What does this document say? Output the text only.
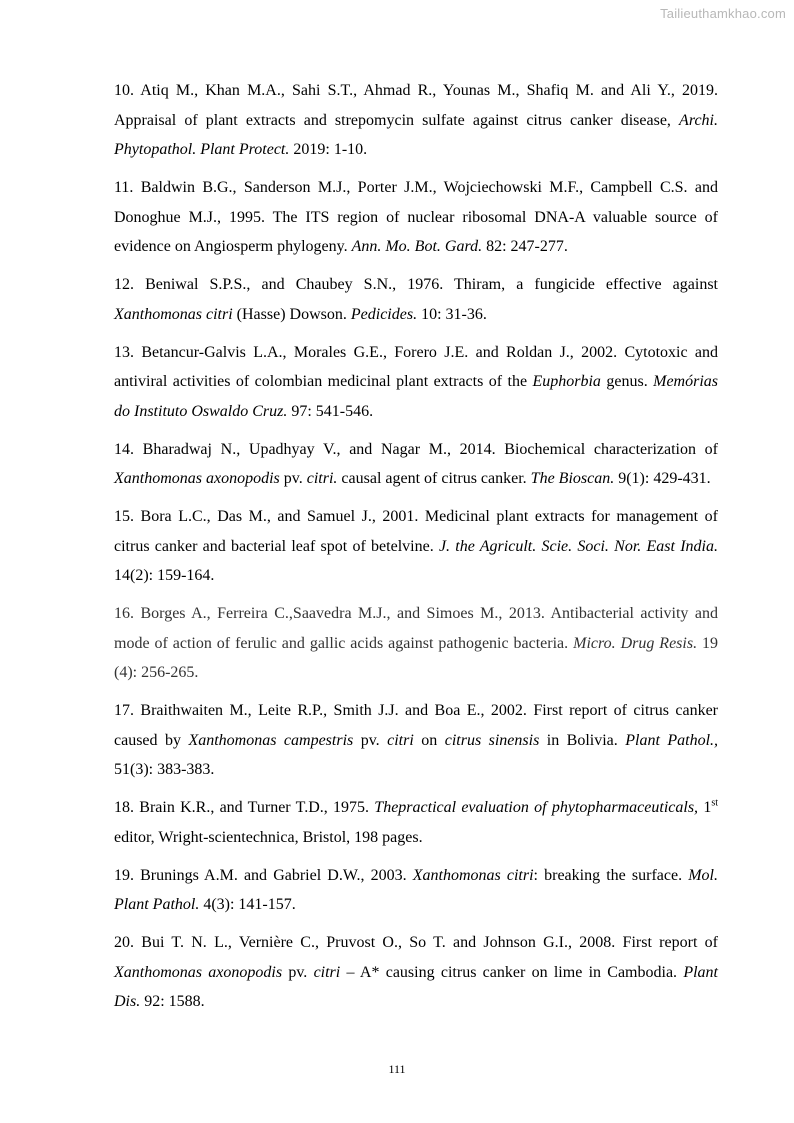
Tailieuthamkhao.com

10. Atiq M., Khan M.A., Sahi S.T., Ahmad R., Younas M., Shafiq M. and Ali Y., 2019. Appraisal of plant extracts and strepomycin sulfate against citrus canker disease, Archi. Phytopathol. Plant Protect. 2019: 1-10.

11. Baldwin B.G., Sanderson M.J., Porter J.M., Wojciechowski M.F., Campbell C.S. and Donoghue M.J., 1995. The ITS region of nuclear ribosomal DNA-A valuable source of evidence on Angiosperm phylogeny. Ann. Mo. Bot. Gard. 82: 247-277.

12. Beniwal S.P.S., and Chaubey S.N., 1976. Thiram, a fungicide effective against Xanthomonas citri (Hasse) Dowson. Pedicides. 10: 31-36.

13. Betancur-Galvis L.A., Morales G.E., Forero J.E. and Roldan J., 2002. Cytotoxic and antiviral activities of colombian medicinal plant extracts of the Euphorbia genus. Memórias do Instituto Oswaldo Cruz. 97: 541-546.

14. Bharadwaj N., Upadhyay V., and Nagar M., 2014. Biochemical characterization of Xanthomonas axonopodis pv. citri. causal agent of citrus canker. The Bioscan. 9(1): 429-431.

15. Bora L.C., Das M., and Samuel J., 2001. Medicinal plant extracts for management of citrus canker and bacterial leaf spot of betelvine. J. the Agricult. Scie. Soci. Nor. East India. 14(2): 159-164.

16. Borges A., Ferreira C.,Saavedra M.J., and Simoes M., 2013. Antibacterial activity and mode of action of ferulic and gallic acids against pathogenic bacteria. Micro. Drug Resis. 19 (4): 256-265.

17. Braithwaiten M., Leite R.P., Smith J.J. and Boa E., 2002. First report of citrus canker caused by Xanthomonas campestris pv. citri on citrus sinensis in Bolivia. Plant Pathol., 51(3): 383-383.

18. Brain K.R., and Turner T.D., 1975. Thepractical evaluation of phytopharmaceuticals, 1st editor, Wright-scientechnica, Bristol, 198 pages.

19. Brunings A.M. and Gabriel D.W., 2003. Xanthomonas citri: breaking the surface. Mol. Plant Pathol. 4(3): 141-157.

20. Bui T. N. L., Vernière C., Pruvost O., So T. and Johnson G.I., 2008. First report of Xanthomonas axonopodis pv. citri – A* causing citrus canker on lime in Cambodia. Plant Dis. 92: 1588.

111
